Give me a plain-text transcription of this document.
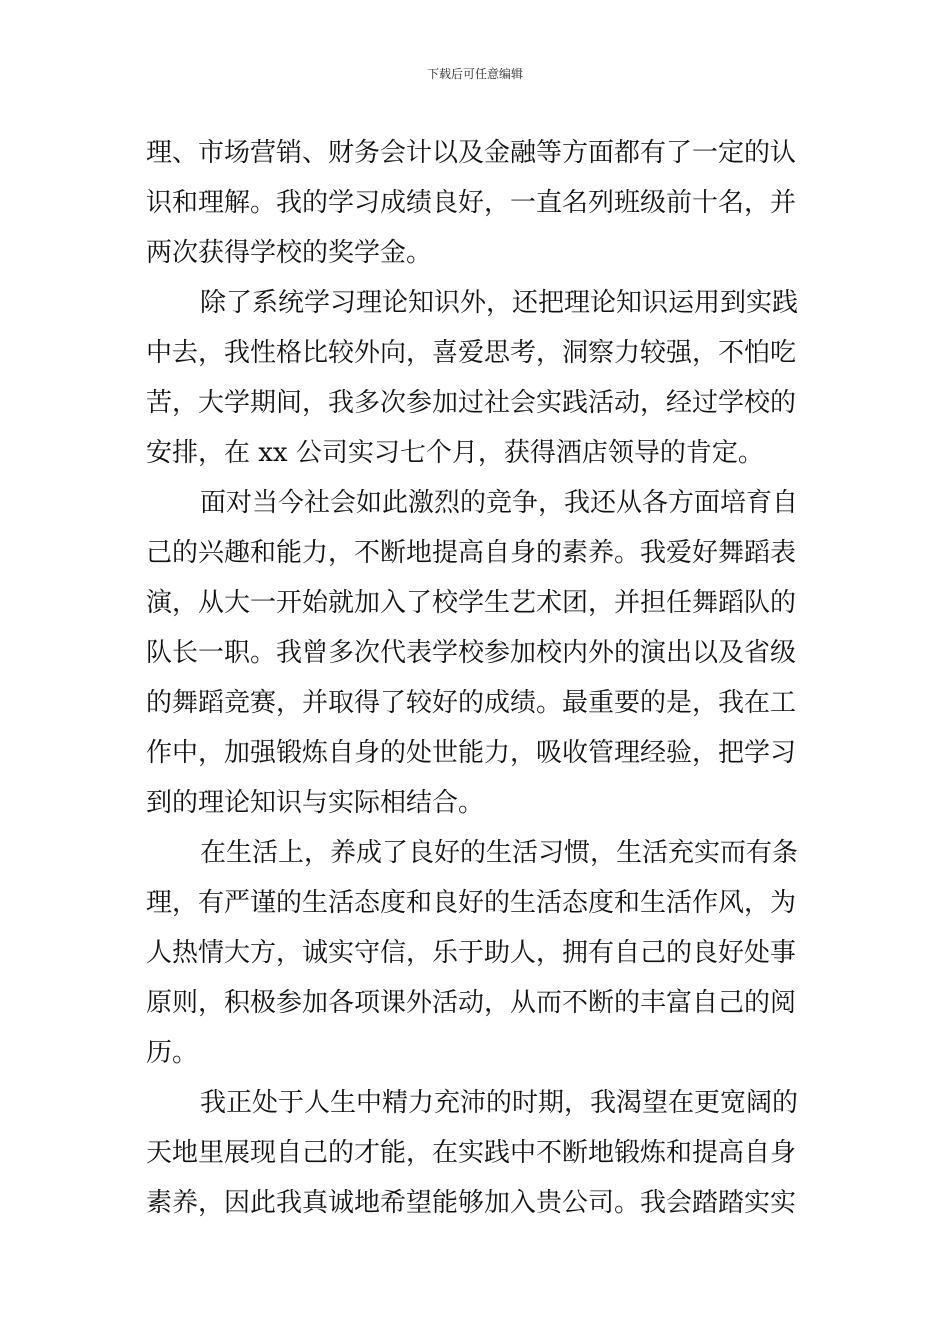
下载后可任意编辑
理、市场营销、财务会计以及金融等方面都有了一定的认
识和理解。我的学习成绩良好，一直名列班级前十名，并
两次获得学校的奖学金。
除了系统学习理论知识外，还把理论知识运用到实践
中去，我性格比较外向，喜爱思考，洞察力较强，不怕吃
苦，大学期间，我多次参加过社会实践活动，经过学校的
安排，在 xx 公司实习七个月，获得酒店领导的肯定。
面对当今社会如此激烈的竞争，我还从各方面培育自
己的兴趣和能力，不断地提高自身的素养。我爱好舞蹈表
演，从大一开始就加入了校学生艺术团，并担任舞蹈队的
队长一职。我曾多次代表学校参加校内外的演出以及省级
的舞蹈竞赛，并取得了较好的成绩。最重要的是，我在工
作中，加强锻炼自身的处世能力，吸收管理经验，把学习
到的理论知识与实际相结合。
在生活上，养成了良好的生活习惯，生活充实而有条
理，有严谨的生活态度和良好的生活态度和生活作风，为
人热情大方，诚实守信，乐于助人，拥有自己的良好处事
原则，积极参加各项课外活动，从而不断的丰富自己的阅
历。
我正处于人生中精力充沛的时期，我渴望在更宽阔的
天地里展现自己的才能，在实践中不断地锻炼和提高自身
素养，因此我真诚地希望能够加入贵公司。我会踏踏实实
